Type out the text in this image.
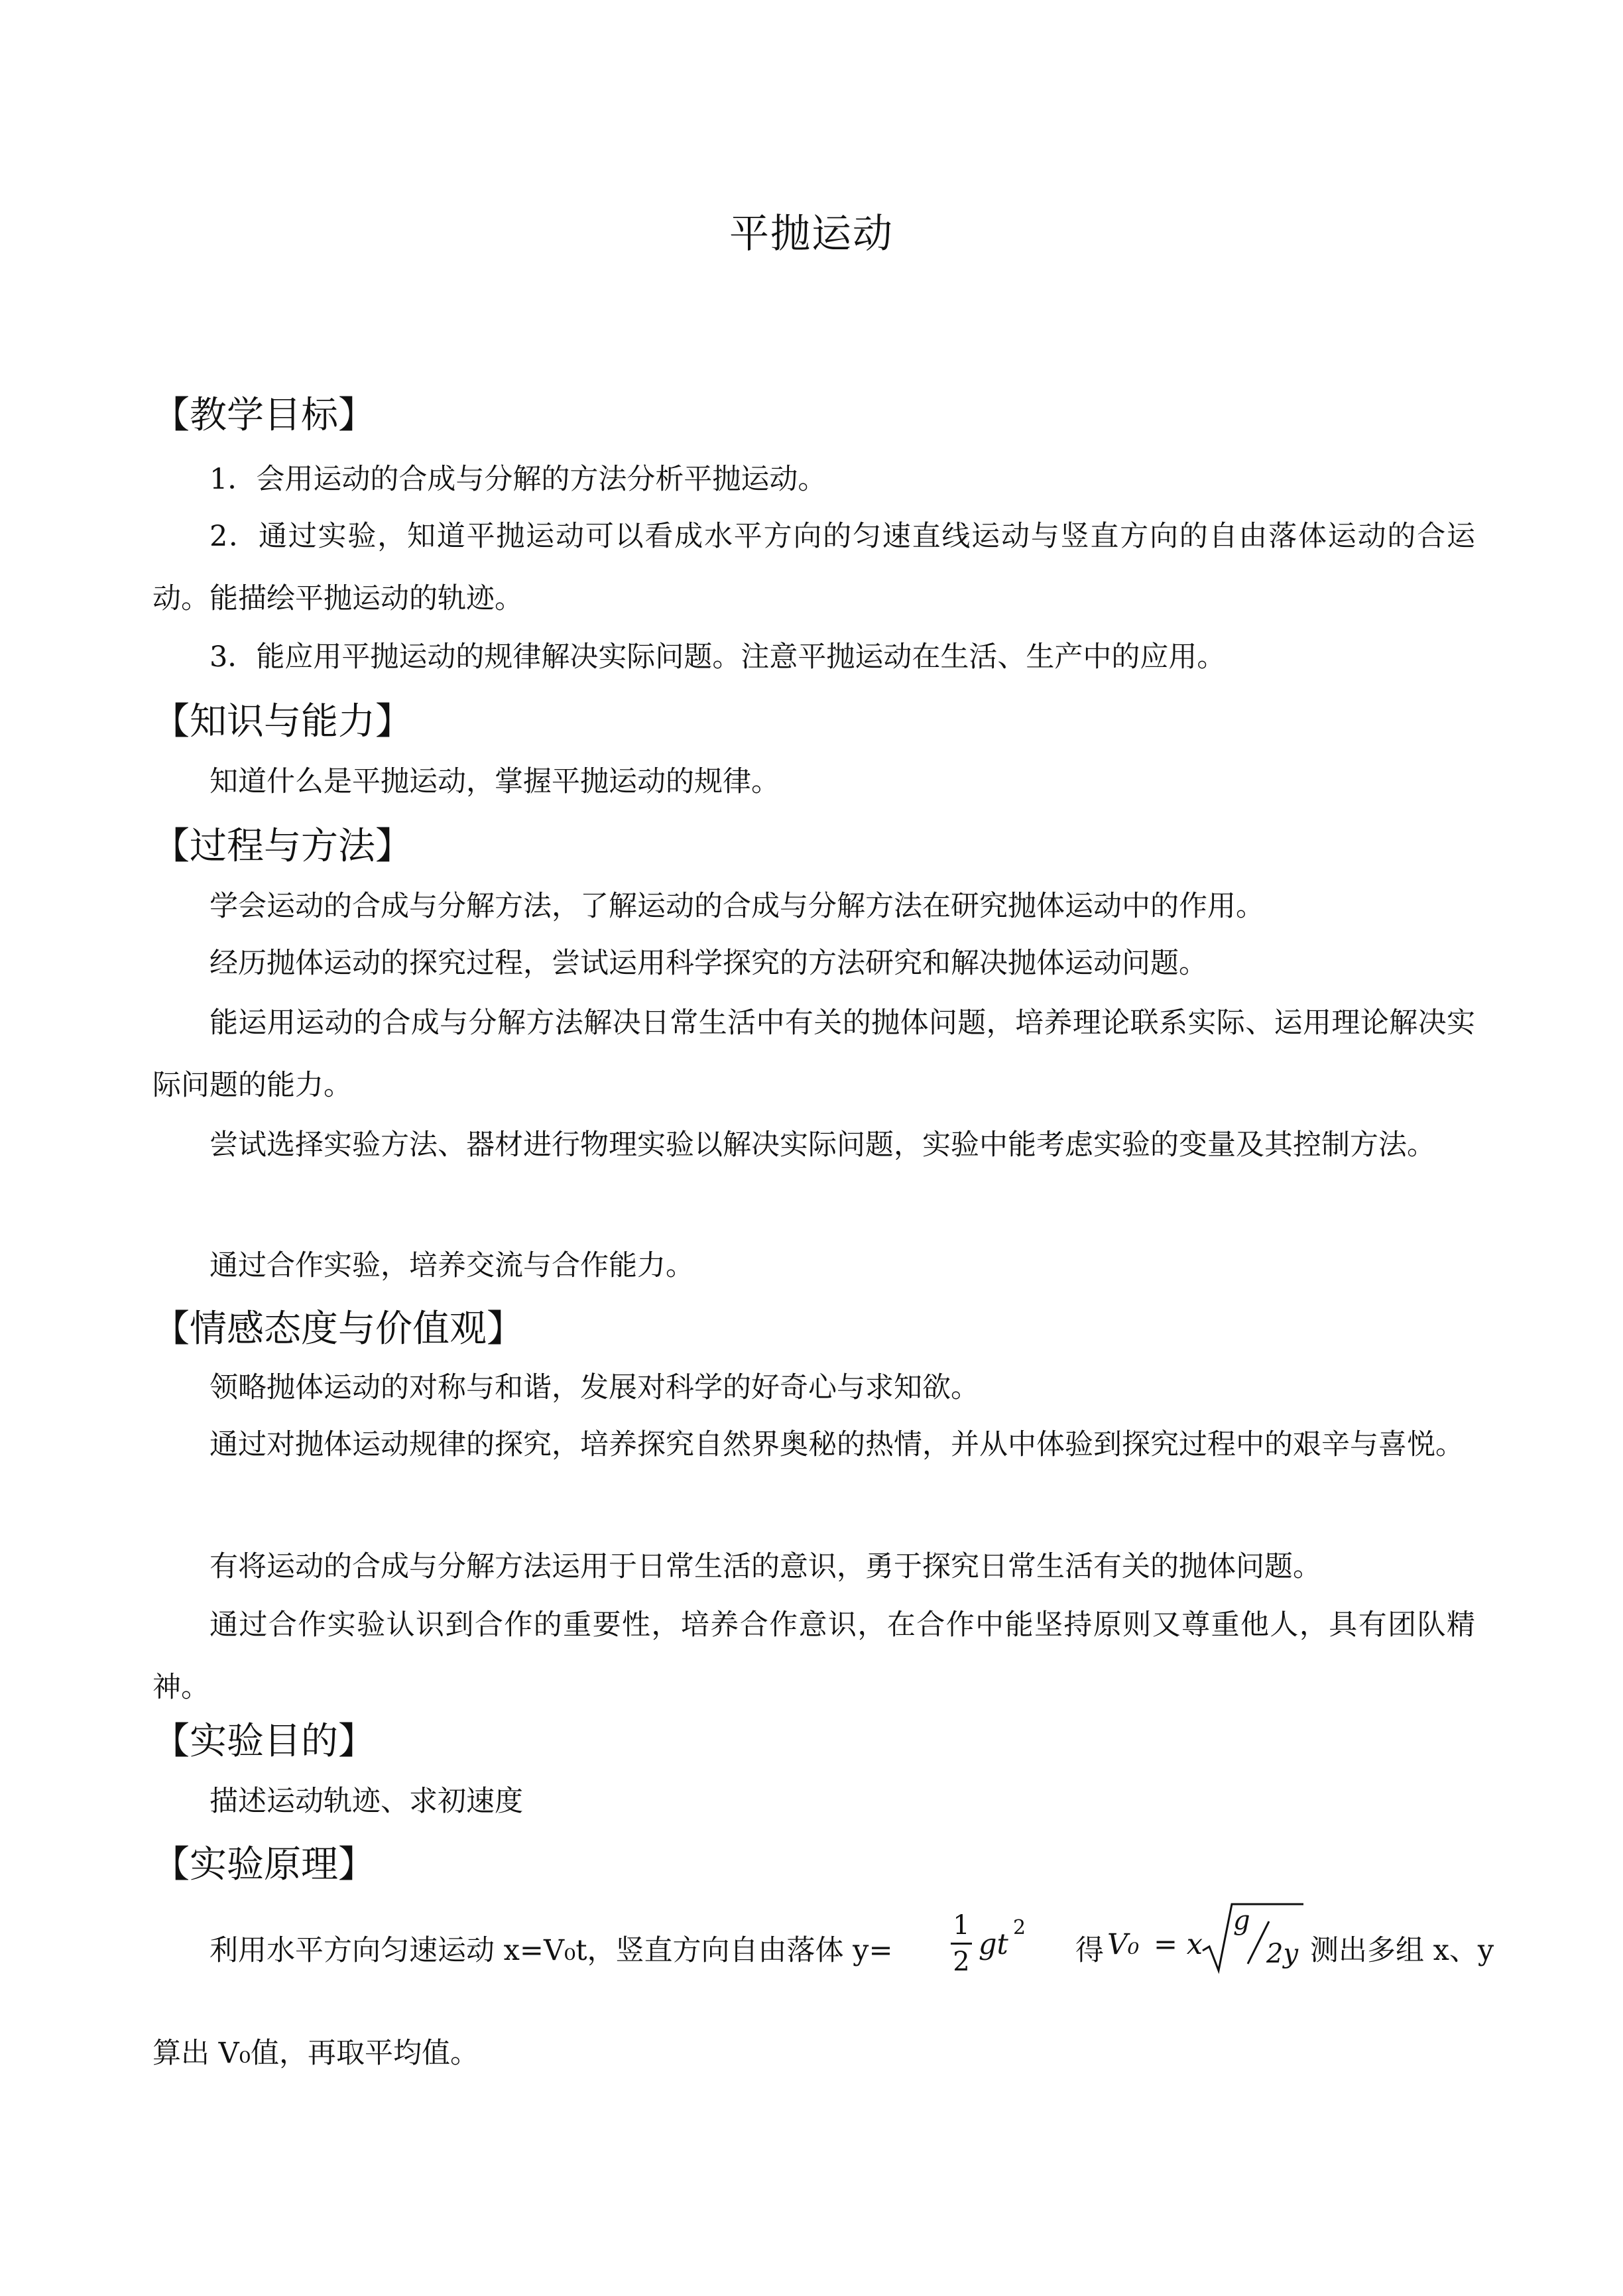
平抛运动
【教学目标】
1．会用运动的合成与分解的方法分析平抛运动。
2．通过实验，知道平抛运动可以看成水平方向的匀速直线运动与竖直方向的自由落体运动的合运动。能描绘平抛运动的轨迹。
3．能应用平抛运动的规律解决实际问题。注意平抛运动在生活、生产中的应用。
【知识与能力】
知道什么是平抛运动，掌握平抛运动的规律。
【过程与方法】
学会运动的合成与分解方法，了解运动的合成与分解方法在研究抛体运动中的作用。
经历抛体运动的探究过程，尝试运用科学探究的方法研究和解决抛体运动问题。
能运用运动的合成与分解方法解决日常生活中有关的抛体问题，培养理论联系实际、运用理论解决实际问题的能力。
尝试选择实验方法、器材进行物理实验以解决实际问题，实验中能考虑实验的变量及其控制方法。
通过合作实验，培养交流与合作能力。
【情感态度与价值观】
领略抛体运动的对称与和谐，发展对科学的好奇心与求知欲。
通过对抛体运动规律的探究，培养探究自然界奥秘的热情，并从中体验到探究过程中的艰辛与喜悦。
有将运动的合成与分解方法运用于日常生活的意识，勇于探究日常生活有关的抛体问题。
通过合作实验认识到合作的重要性，培养合作意识，在合作中能坚持原则又尊重他人，具有团队精神。
【实验目的】
描述运动轨迹、求初速度
【实验原理】
利用水平方向匀速运动 x=V₀t，竖直方向自由落体 y=
1
2
gt
2
得 V₀ = x
g
2y 测出多组 x、y
算出 V₀值，再取平均值。
